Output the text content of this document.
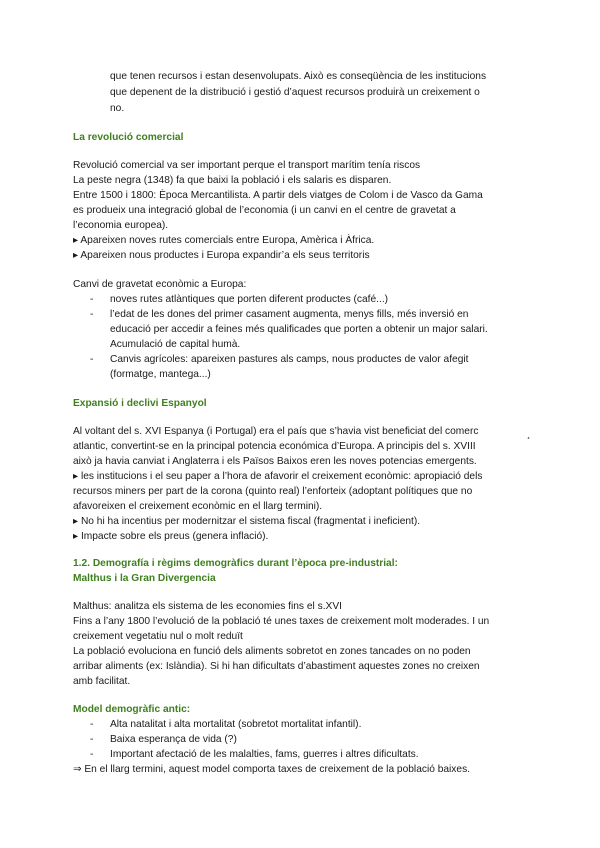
que tenen recursos i estan desenvolupats. Això es conseqüència de les institucions
que depenent de la distribució i gestió d’aquest recursos produirà un creixement o
no.
La revolució comercial
Revolució comercial va ser important perque el transport marítim tenía riscos
La peste negra (1348) fa que baixi la població i els salaris es disparen.
Entre 1500 i 1800: Època Mercantilista. A partir dels viatges de Colom i de Vasco da Gama
es produeix una integració global de l’economia (i un canvi en el centre de gravetat a
l’economia europea).
▸ Apareixen noves rutes comercials entre Europa, Amèrica i Àfrica.
▸ Apareixen nous productes i Europa expandir’a els seus territoris
Canvi de gravetat econòmic a Europa:
- noves rutes atlàntiques que porten diferent productes (café...)
- l’edat de les dones del primer casament augmenta, menys fills, més inversió en
educació per accedir a feines més qualificades que porten a obtenir un major salari.
Acumulació de capital humà.
- Canvis agrícoles: apareixen pastures als camps, nous productes de valor afegit
(formatge, mantega...)
Expansió i declivi Espanyol
Al voltant del s. XVI Espanya (i Portugal) era el país que s’havia vist beneficiat del comerc	¸
atlantic, convertint-se en la principal potencia económica d’Europa. A principis del s. XVIII
això ja havia canviat i Anglaterra i els Països Baixos eren les noves potencias emergents.
▸ les institucions i el seu paper a l’hora de afavorir el creixement econòmic: apropiació dels
recursos miners per part de la corona (quinto real) l’enforteix (adoptant polítiques que no
afavoreixen el creixement econòmic en el llarg termini).
▸ No hi ha incentius per modernitzar el sistema fiscal (fragmentat i ineficient).
▸ Impacte sobre els preus (genera inflació).
1.2. Demografía i règims demogràfics durant l’època pre-industrial:
Malthus i la Gran Divergencia
Malthus: analitza els sistema de les economies fins el s.XVI
Fins a l’any 1800 l’evolució de la població té unes taxes de creixement molt moderades. I un
creixement vegetatiu nul o molt reduït
La població evoluciona en funció dels aliments sobretot en zones tancades on no poden
arribar aliments (ex: Islàndia). Si hi han dificultats d’abastiment aquestes zones no creixen
amb facilitat.
Model demogràfic antic:
- Alta natalitat i alta mortalitat (sobretot mortalitat infantil).
- Baixa esperança de vida (?)
- Important afectació de les malalties, fams, guerres i altres dificultats.
⇒ En el llarg termini, aquest model comporta taxes de creixement de la població baixes.
